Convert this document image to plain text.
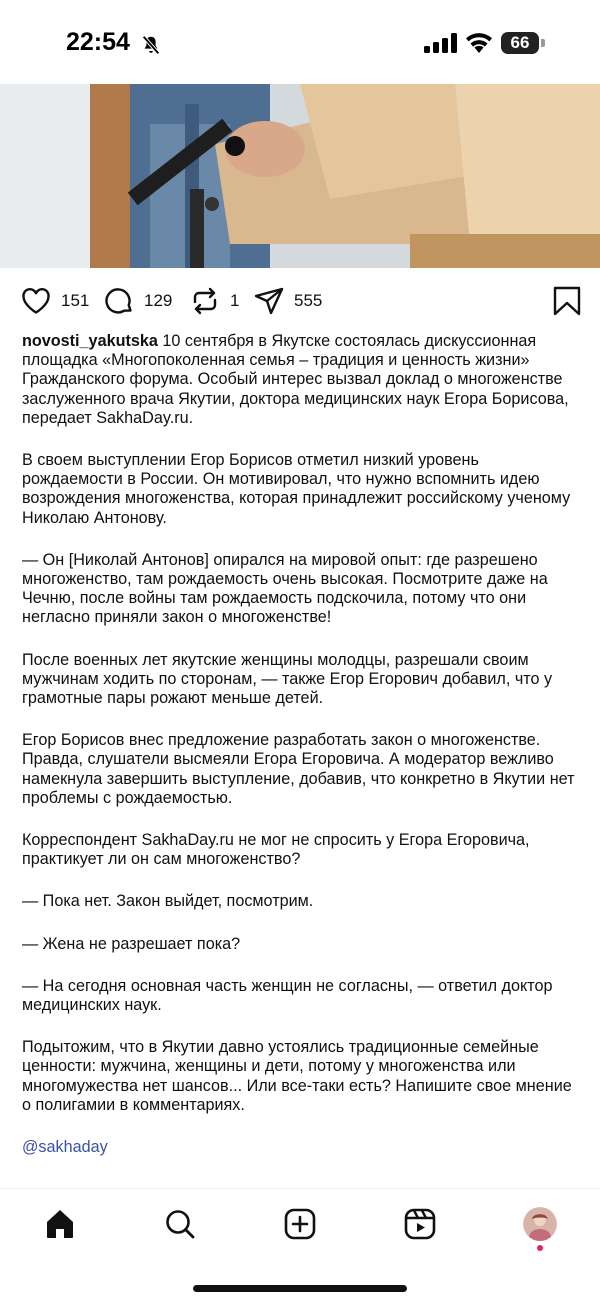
22:54	66
151	129	1	555

novosti_yakutska 10 сентября в Якутске состоялась дискуссионная площадка «Многопоколенная семья – традиция и ценность жизни» Гражданского форума. Особый интерес вызвал доклад о многоженстве заслуженного врача Якутии, доктора медицинских наук Егора Борисова, передает SakhaDay.ru.

В своем выступлении Егор Борисов отметил низкий уровень рождаемости в России. Он мотивировал, что нужно вспомнить идею возрождения многоженства, которая принадлежит российскому ученому Николаю Антонову.

— Он [Николай Антонов] опирался на мировой опыт: где разрешено многоженство, там рождаемость очень высокая. Посмотрите даже на Чечню, после войны там рождаемость подскочила, потому что они негласно приняли закон о многоженстве!

После военных лет якутские женщины молодцы, разрешали своим мужчинам ходить по сторонам, — также Егор Егорович добавил, что у грамотные пары рожают меньше детей.

Егор Борисов внес предложение разработать закон о многоженстве. Правда, слушатели высмеяли Егора Егоровича. А модератор вежливо намекнула завершить выступление, добавив, что конкретно в Якутии нет проблемы с рождаемостью.

Корреспондент SakhaDay.ru не мог не спросить у Егора Егоровича, практикует ли он сам многоженство?

— Пока нет. Закон выйдет, посмотрим.

— Жена не разрешает пока?

— На сегодня основная часть женщин не согласны, — ответил доктор медицинских наук.

Подытожим, что в Якутии давно устоялись традиционные семейные ценности: мужчина, женщины и дети, потому у многоженства или многомужества нет шансов... Или все-таки есть? Напишите свое мнение о полигамии в комментариях.

@sakhaday
